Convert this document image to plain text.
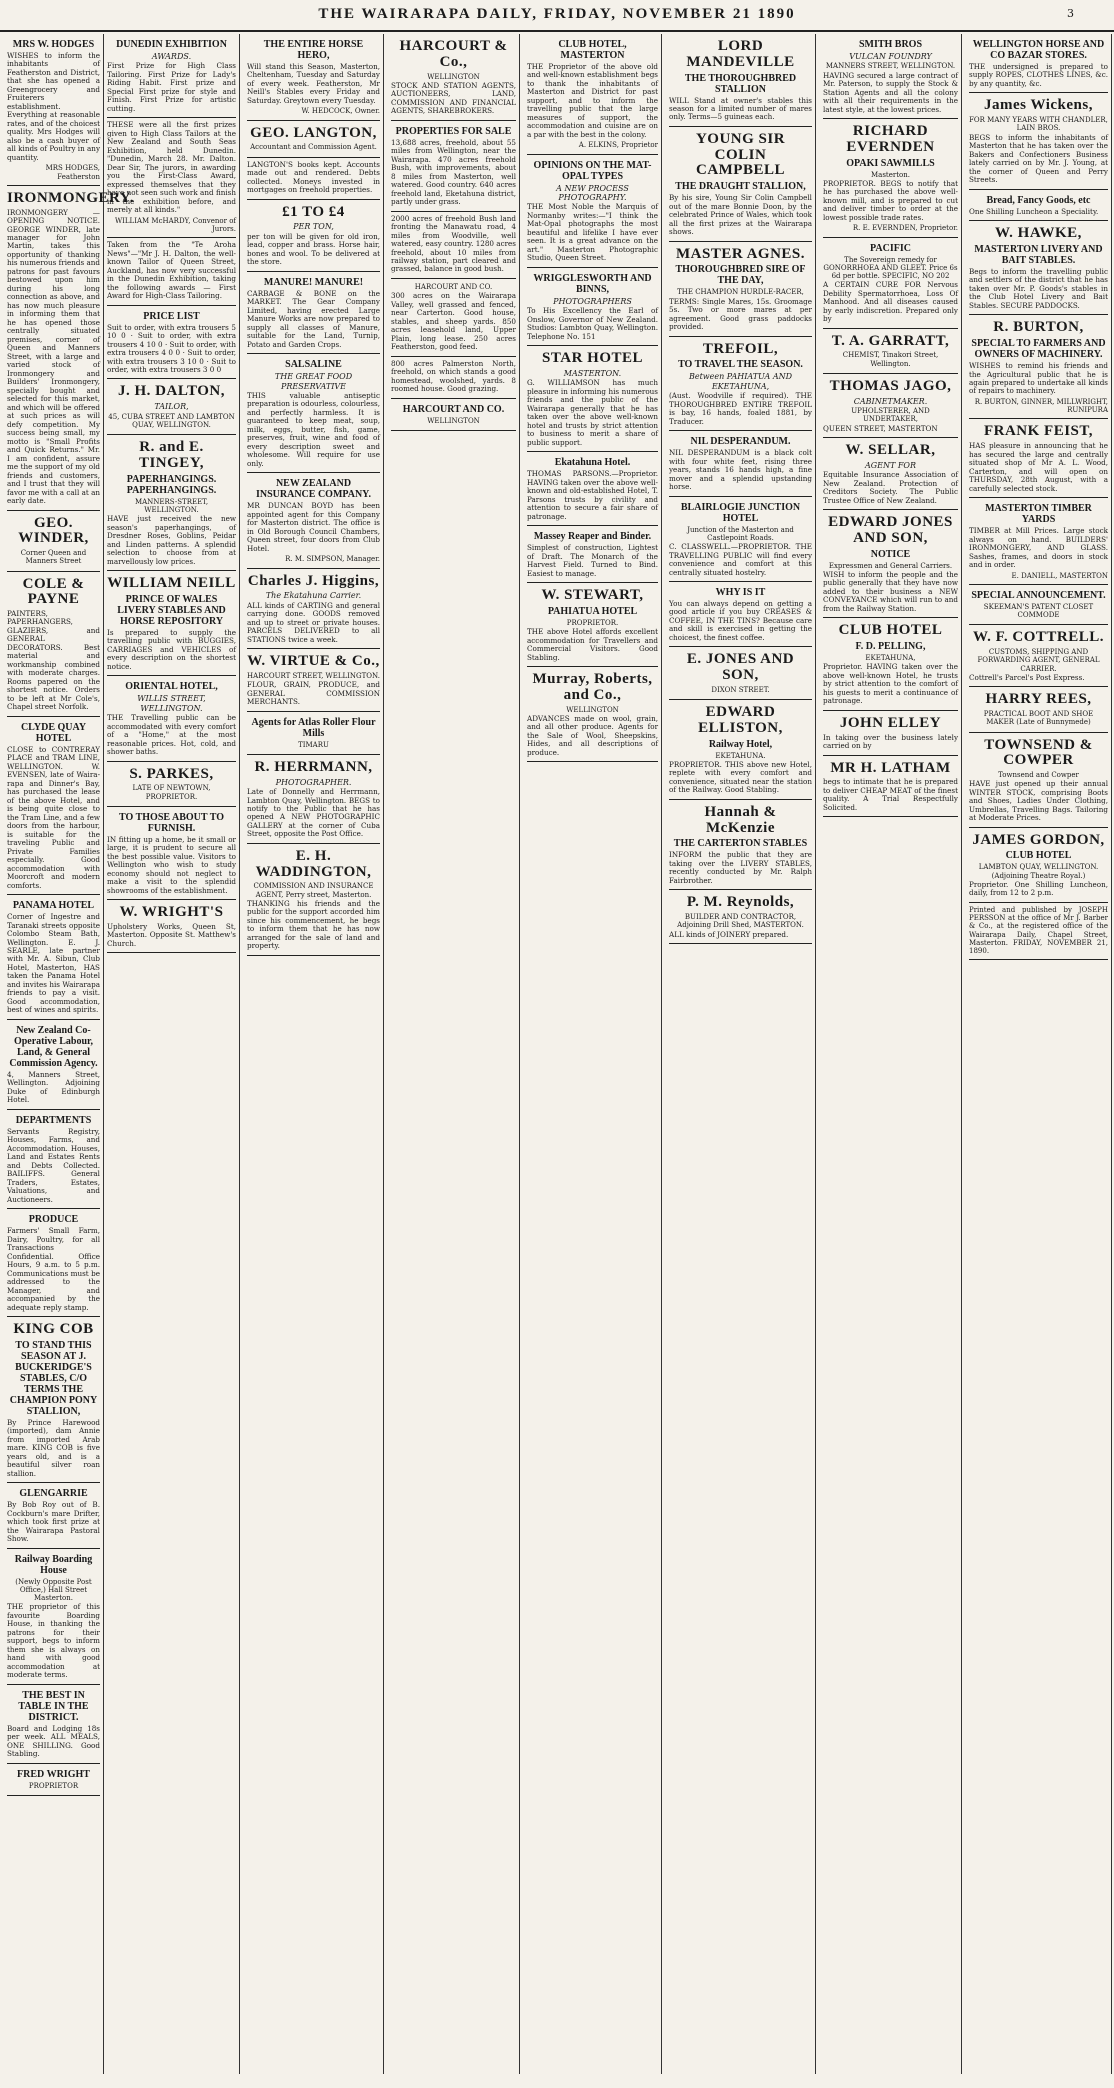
THE WAIRARAPA DAILY, FRIDAY, NOVEMBER 21 1890	3
MRS W. HODGES
WISHES to inform the inhabitants of Featherston and District, that she has opened a Greengrocery and Fruiterers establishment. Everything at reasonable rates, and of the choicest quality. Mrs Hodges will also be a cash buyer of all kinds of Poultry in any quantity.
MRS HODGES, Featherston
IRONMONGERY.
IRONMONGERY — OPENING NOTICE. GEORGE WINDER, late manager for John Martin, takes this opportunity of thanking his numerous friends and patrons for past favours bestowed upon him during his long connection as above, and has now much pleasure in informing them that he has opened those centrally situated premises, corner of Queen and Manners Street, with a large and varied stock of Ironmongery and Builders' Ironmongery, specially bought and selected for this market, and which will be offered at such prices as will defy competition. My success being small, my motto is "Small Profits and Quick Returns." Mr. I am confident, assure me the support of my old friends and customers, and I trust that they will favor me with a call at an early date.
GEO. WINDER,
Corner Queen and Manners Street
COLE & PAYNE
PAINTERS, PAPERHANGERS, GLAZIERS, and GENERAL DECORATORS. Best material and workmanship combined with moderate charges. Rooms papered on the shortest notice. Orders to be left at Mr Cole's, Chapel street Norfolk.
CLYDE QUAY HOTEL
CLOSE to CONTRERAY PLACE and TRAM LINE, WELLINGTON. W. EVENSEN, late of Waira-rapa and Dinner's Bay, has purchased the lease of the above Hotel, and is being quite close to the Tram Line, and a few doors from the harbour, is suitable for the traveling Public and Private Families especially. Good accommodation with Moorcroft and modern comforts.
PANAMA HOTEL
Corner of Ingestre and Taranaki streets opposite Colombo Steam Bath, Wellington. E. J. SEARLE, late partner with Mr. A. Sibun, Club Hotel, Masterton, HAS taken the Panama Hotel and invites his Wairarapa friends to pay a visit. Good accommodation, best of wines and spirits.
New Zealand Co-Operative Labour, Land, & General Commission Agency.
4, Manners Street, Wellington. Adjoining Duke of Edinburgh Hotel.
DEPARTMENTS
Servants Registry, Houses, Farms, and Accommodation. Houses, Land and Estates Rents and Debts Collected. BAILIFFS. General Traders, Estates, Valuations, and Auctioneers.
PRODUCE
Farmers' Small Farm, Dairy, Poultry, for all Transactions Confidential. Office Hours, 9 a.m. to 5 p.m. Communications must be addressed to the Manager, and accompanied by the adequate reply stamp.
KING COB
TO STAND THIS SEASON AT J. BUCKERIDGE'S STABLES, C/O TERMS THE CHAMPION PONY STALLION,
By Prince Harewood (imported), dam Annie from imported Arab mare. KING COB is five years old, and is a beautiful silver roan stallion.
GLENGARRIE
By Bob Roy out of B. Cockburn's mare Drifter, which took first prize at the Wairarapa Pastoral Show.
Railway Boarding House
(Newly Opposite Post Office,) Hall Street Masterton.
THE proprietor of this favourite Boarding House, in thanking the patrons for their support, begs to inform them she is always on hand with good accommodation at moderate terms.
THE BEST IN TABLE IN THE DISTRICT.
Board and Lodging 18s per week. ALL MEALS, ONE SHILLING. Good Stabling.
FRED WRIGHT
PROPRIETOR
DUNEDIN EXHIBITION
AWARDS.
First Prize for High Class Tailoring. First Prize for Lady's Riding Habit. First prize and Special First prize for style and Finish. First Prize for artistic cutting.
THESE were all the first prizes given to High Class Tailors at the New Zealand and South Seas Exhibition, held Dunedin. "Dunedin, March 28. Mr. Dalton. Dear Sir, The jurors, in awarding you the First-Class Award, expressed themselves that they have not seen such work and finish in the exhibition before, and merely at all kinds."
WILLIAM McHARDY, Convenor of Jurors.
Taken from the "Te Aroha News"—"Mr J. H. Dalton, the well-known Tailor of Queen Street, Auckland, has now very successful in the Dunedin Exhibition, taking the following awards — First Award for High-Class Tailoring.
PRICE LIST
Suit to order, with extra trousers 5 10 0 · Suit to order, with extra trousers 4 10 0 · Suit to order, with extra trousers 4 0 0 · Suit to order, with extra trousers 3 10 0 · Suit to order, with extra trousers 3 0 0
J. H. DALTON,
TAILOR,
45, CUBA STREET AND LAMBTON QUAY, WELLINGTON.
R. and E. TINGEY,
PAPERHANGINGS. PAPERHANGINGS.
MANNERS-STREET, WELLINGTON.
HAVE just received the new season's paperhangings, of Dresdner Roses, Goblins, Peidar and Linden patterns. A splendid selection to choose from at marvellously low prices.
WILLIAM NEILL
PRINCE OF WALES LIVERY STABLES AND HORSE REPOSITORY
Is prepared to supply the travelling public with BUGGIES, CARRIAGES and VEHICLES of every description on the shortest notice.
ORIENTAL HOTEL,
WILLIS STREET, WELLINGTON.
THE Travelling public can be accommodated with every comfort of a "Home," at the most reasonable prices. Hot, cold, and shower baths.
S. PARKES,
LATE OF NEWTOWN, PROPRIETOR.
TO THOSE ABOUT TO FURNISH.
IN fitting up a home, be it small or large, it is prudent to secure all the best possible value. Visitors to Wellington who wish to study economy should not neglect to make a visit to the splendid showrooms of the establishment.
W. WRIGHT'S
Upholstery Works, Queen St, Masterton. Opposite St. Matthew's Church.
THE ENTIRE HORSE HERO,
Will stand this Season, Masterton, Cheltenham, Tuesday and Saturday of every week. Featherston, Mr Neill's Stables every Friday and Saturday. Greytown every Tuesday.
W. HEDCOCK, Owner.
GEO. LANGTON,
Accountant and Commission Agent.
LANGTON'S books kept. Accounts made out and rendered. Debts collected. Moneys invested in mortgages on freehold properties.
£1 TO £4
PER TON,
per ton will be given for old iron, lead, copper and brass. Horse hair, bones and wool. To be delivered at the store.
MANURE! MANURE!
CARBAGE & BONE on the MARKET. The Gear Company Limited, having erected Large Manure Works are now prepared to supply all classes of Manure, suitable for the Land, Turnip, Potato and Garden Crops.
SALSALINE
THE GREAT FOOD PRESERVATIVE
THIS valuable antiseptic preparation is odourless, colourless, and perfectly harmless. It is guaranteed to keep meat, soup, milk, eggs, butter, fish, game, preserves, fruit, wine and food of every description sweet and wholesome. Will require for use only.
NEW ZEALAND INSURANCE COMPANY.
MR DUNCAN BOYD has been appointed agent for this Company for Masterton district. The office is in Old Borough Council Chambers, Queen street, four doors from Club Hotel.
R. M. SIMPSON, Manager.
Charles J. Higgins,
The Ekatahuna Carrier.
ALL kinds of CARTING and general carrying done. GOODS removed and up to street or private houses. PARCELS DELIVERED to all STATIONS twice a week.
W. VIRTUE & Co.,
HARCOURT STREET, WELLINGTON.
FLOUR, GRAIN, PRODUCE, and GENERAL COMMISSION MERCHANTS.
Agents for Atlas Roller Flour Mills
TIMARU
R. HERRMANN,
PHOTOGRAPHER.
Late of Donnelly and Herrmann, Lambton Quay, Wellington. BEGS to notify to the Public that he has opened A NEW PHOTOGRAPHIC GALLERY at the corner of Cuba Street, opposite the Post Office.
E. H. WADDINGTON,
COMMISSION AND INSURANCE AGENT, Perry street, Masterton.
THANKING his friends and the public for the support accorded him since his commencement, he begs to inform them that he has now arranged for the sale of land and property.
HARCOURT & Co.,
WELLINGTON
STOCK AND STATION AGENTS, AUCTIONEERS, LAND, COMMISSION AND FINANCIAL AGENTS, SHAREBROKERS.
PROPERTIES FOR SALE
13,688 acres, freehold, about 55 miles from Wellington, near the Wairarapa. 470 acres freehold Bush, with improvements, about 8 miles from Masterton, well watered. Good country. 640 acres freehold land, Eketahuna district, partly under grass.
2000 acres of freehold Bush land fronting the Manawatu road, 4 miles from Woodville, well watered, easy country. 1280 acres freehold, about 10 miles from railway station, part cleared and grassed, balance in good bush.
HARCOURT AND CO.
300 acres on the Wairarapa Valley, well grassed and fenced, near Carterton. Good house, stables, and sheep yards. 850 acres leasehold land, Upper Plain, long lease. 250 acres Featherston, good feed.
800 acres Palmerston North, freehold, on which stands a good homestead, woolshed, yards. 8 roomed house. Good grazing.
HARCOURT AND CO.
WELLINGTON
CLUB HOTEL, MASTERTON
THE Proprietor of the above old and well-known establishment begs to thank the inhabitants of Masterton and District for past support, and to inform the travelling public that the large measures of support, the accommodation and cuisine are on a par with the best in the colony.
A. ELKINS, Proprietor
OPINIONS ON THE MAT-OPAL TYPES
A NEW PROCESS PHOTOGRAPHY.
THE Most Noble the Marquis of Normanby writes:—"I think the Mat-Opal photographs the most beautiful and lifelike I have ever seen. It is a great advance on the art." Masterton Photographic Studio, Queen Street.
WRIGGLESWORTH AND BINNS,
PHOTOGRAPHERS
To His Excellency the Earl of Onslow, Governor of New Zealand. Studios: Lambton Quay, Wellington. Telephone No. 151
STAR HOTEL
MASTERTON.
G. WILLIAMSON has much pleasure in informing his numerous friends and the public of the Wairarapa generally that he has taken over the above well-known hotel and trusts by strict attention to business to merit a share of public support.
Ekatahuna Hotel.
THOMAS PARSONS.—Proprietor. HAVING taken over the above well-known and old-established Hotel, T. Parsons trusts by civility and attention to secure a fair share of patronage.
Massey Reaper and Binder.
Simplest of construction, Lightest of Draft. The Monarch of the Harvest Field. Turned to Bind. Easiest to manage.
W. STEWART,
PAHIATUA HOTEL
PROPRIETOR.
THE above Hotel affords excellent accommodation for Travellers and Commercial Visitors. Good Stabling.
Murray, Roberts, and Co.,
WELLINGTON
ADVANCES made on wool, grain, and all other produce. Agents for the Sale of Wool, Sheepskins, Hides, and all descriptions of produce.
LORD MANDEVILLE
THE THOROUGHBRED STALLION
WILL Stand at owner's stables this season for a limited number of mares only. Terms—5 guineas each.
YOUNG SIR COLIN CAMPBELL
THE DRAUGHT STALLION,
By his sire, Young Sir Colin Campbell out of the mare Bonnie Doon, by the celebrated Prince of Wales, which took all the first prizes at the Wairarapa shows.
MASTER AGNES.
THOROUGHBRED SIRE OF THE DAY,
THE CHAMPION HURDLE-RACER,
TERMS: Single Mares, 15s. Groomage 5s. Two or more mares at per agreement. Good grass paddocks provided.
TREFOIL,
TO TRAVEL THE SEASON.
Between PAHIATUA AND EKETAHUNA,
(Aust. Woodville if required). THE THOROUGHBRED ENTIRE TREFOIL is bay, 16 hands, foaled 1881, by Traducer.
NIL DESPERANDUM.
NIL DESPERANDUM is a black colt with four white feet, rising three years, stands 16 hands high, a fine mover and a splendid upstanding horse.
BLAIRLOGIE JUNCTION HOTEL
Junction of the Masterton and Castlepoint Roads.
C. CLASSWELL.—PROPRIETOR. THE TRAVELLING PUBLIC will find every convenience and comfort at this centrally situated hostelry.
WHY IS IT
You can always depend on getting a good article if you buy CREASES & COFFEE, IN THE TINS? Because care and skill is exercised in getting the choicest, the finest coffee.
E. JONES AND SON,
DIXON STREET.
EDWARD ELLISTON,
Railway Hotel,
EKETAHUNA.
PROPRIETOR. THIS above new Hotel, replete with every comfort and convenience, situated near the station of the Railway. Good Stabling.
Hannah & McKenzie
THE CARTERTON STABLES
INFORM the public that they are taking over the LIVERY STABLES, recently conducted by Mr. Ralph Fairbrother.
P. M. Reynolds,
BUILDER AND CONTRACTOR, Adjoining Drill Shed, MASTERTON.
ALL kinds of JOINERY prepared.
SMITH BROS
VULCAN FOUNDRY
MANNERS STREET, WELLINGTON.
HAVING secured a large contract of Mr. Paterson, to supply the Stock & Station Agents and all the colony with all their requirements in the latest style, at the lowest prices.
RICHARD EVERNDEN
OPAKI SAWMILLS
Masterton.
PROPRIETOR. BEGS to notify that he has purchased the above well-known mill, and is prepared to cut and deliver timber to order at the lowest possible trade rates.
R. E. EVERNDEN, Proprietor.
PACIFIC
The Sovereign remedy for GONORRHOEA AND GLEET. Price 6s 6d per bottle. SPECIFIC, NO 202
A CERTAIN CURE FOR Nervous Debility Spermatorrhoea, Loss Of Manhood. And all diseases caused by early indiscretion. Prepared only by
T. A. GARRATT,
CHEMIST, Tinakori Street, Wellington.
THOMAS JAGO,
CABINETMAKER.
UPHOLSTERER, AND UNDERTAKER,
QUEEN STREET, MASTERTON
W. SELLAR,
AGENT FOR
Equitable Insurance Association of New Zealand. Protection of Creditors Society. The Public Trustee Office of New Zealand.
EDWARD JONES AND SON,
NOTICE
Expressmen and General Carriers.
WISH to inform the people and the public generally that they have now added to their business a NEW CONVEYANCE which will run to and from the Railway Station.
CLUB HOTEL
F. D. PELLING,
EKETAHUNA,
Proprietor. HAVING taken over the above well-known Hotel, he trusts by strict attention to the comfort of his guests to merit a continuance of patronage.
JOHN ELLEY
In taking over the business lately carried on by
MR H. LATHAM
begs to intimate that he is prepared to deliver CHEAP MEAT of the finest quality. A Trial Respectfully Solicited.
WELLINGTON HORSE AND CO BAZAR STORES.
THE undersigned is prepared to supply ROPES, CLOTHES LINES, &c. by any quantity, &c.
James Wickens,
FOR MANY YEARS WITH CHANDLER, LAIN BROS.
BEGS to inform the inhabitants of Masterton that he has taken over the Bakers and Confectioners Business lately carried on by Mr. J. Young, at the corner of Queen and Perry Streets.
Bread, Fancy Goods, etc
One Shilling Luncheon a Speciality.
W. HAWKE,
MASTERTON LIVERY AND BAIT STABLES.
Begs to inform the travelling public and settlers of the district that he has taken over Mr. P. Goods's stables in the Club Hotel Livery and Bait Stables. SECURE PADDOCKS.
R. BURTON,
SPECIAL TO FARMERS AND OWNERS OF MACHINERY.
WISHES to remind his friends and the Agricultural public that he is again prepared to undertake all kinds of repairs to machinery.
R. BURTON, GINNER, MILLWRIGHT, RUNIPURA
FRANK FEIST,
HAS pleasure in announcing that he has secured the large and centrally situated shop of Mr A. L. Wood, Carterton, and will open on THURSDAY, 28th August, with a carefully selected stock.
MASTERTON TIMBER YARDS
TIMBER at Mill Prices. Large stock always on hand. BUILDERS' IRONMONGERY, AND GLASS. Sashes, frames, and doors in stock and in order.
E. DANIELL, MASTERTON
SPECIAL ANNOUNCEMENT.
SKEEMAN'S PATENT CLOSET COMMODE
W. F. COTTRELL.
CUSTOMS, SHIPPING AND FORWARDING AGENT, GENERAL CARRIER.
Cottrell's Parcel's Post Express.
HARRY REES,
PRACTICAL BOOT AND SHOE MAKER (Late of Bunnymede)
TOWNSEND & COWPER
Townsend and Cowper
HAVE just opened up their annual WINTER STOCK, comprising Boots and Shoes, Ladies Under Clothing, Umbrellas, Travelling Bags. Tailoring at Moderate Prices.
JAMES GORDON,
CLUB HOTEL
LAMBTON QUAY, WELLINGTON. (Adjoining Theatre Royal.)
Proprietor. One Shilling Luncheon, daily, from 12 to 2 p.m.
Printed and published by JOSEPH PERSSON at the office of Mr J. Barber & Co., at the registered office of the Wairarapa Daily, Chapel Street, Masterton. FRIDAY, NOVEMBER 21, 1890.
